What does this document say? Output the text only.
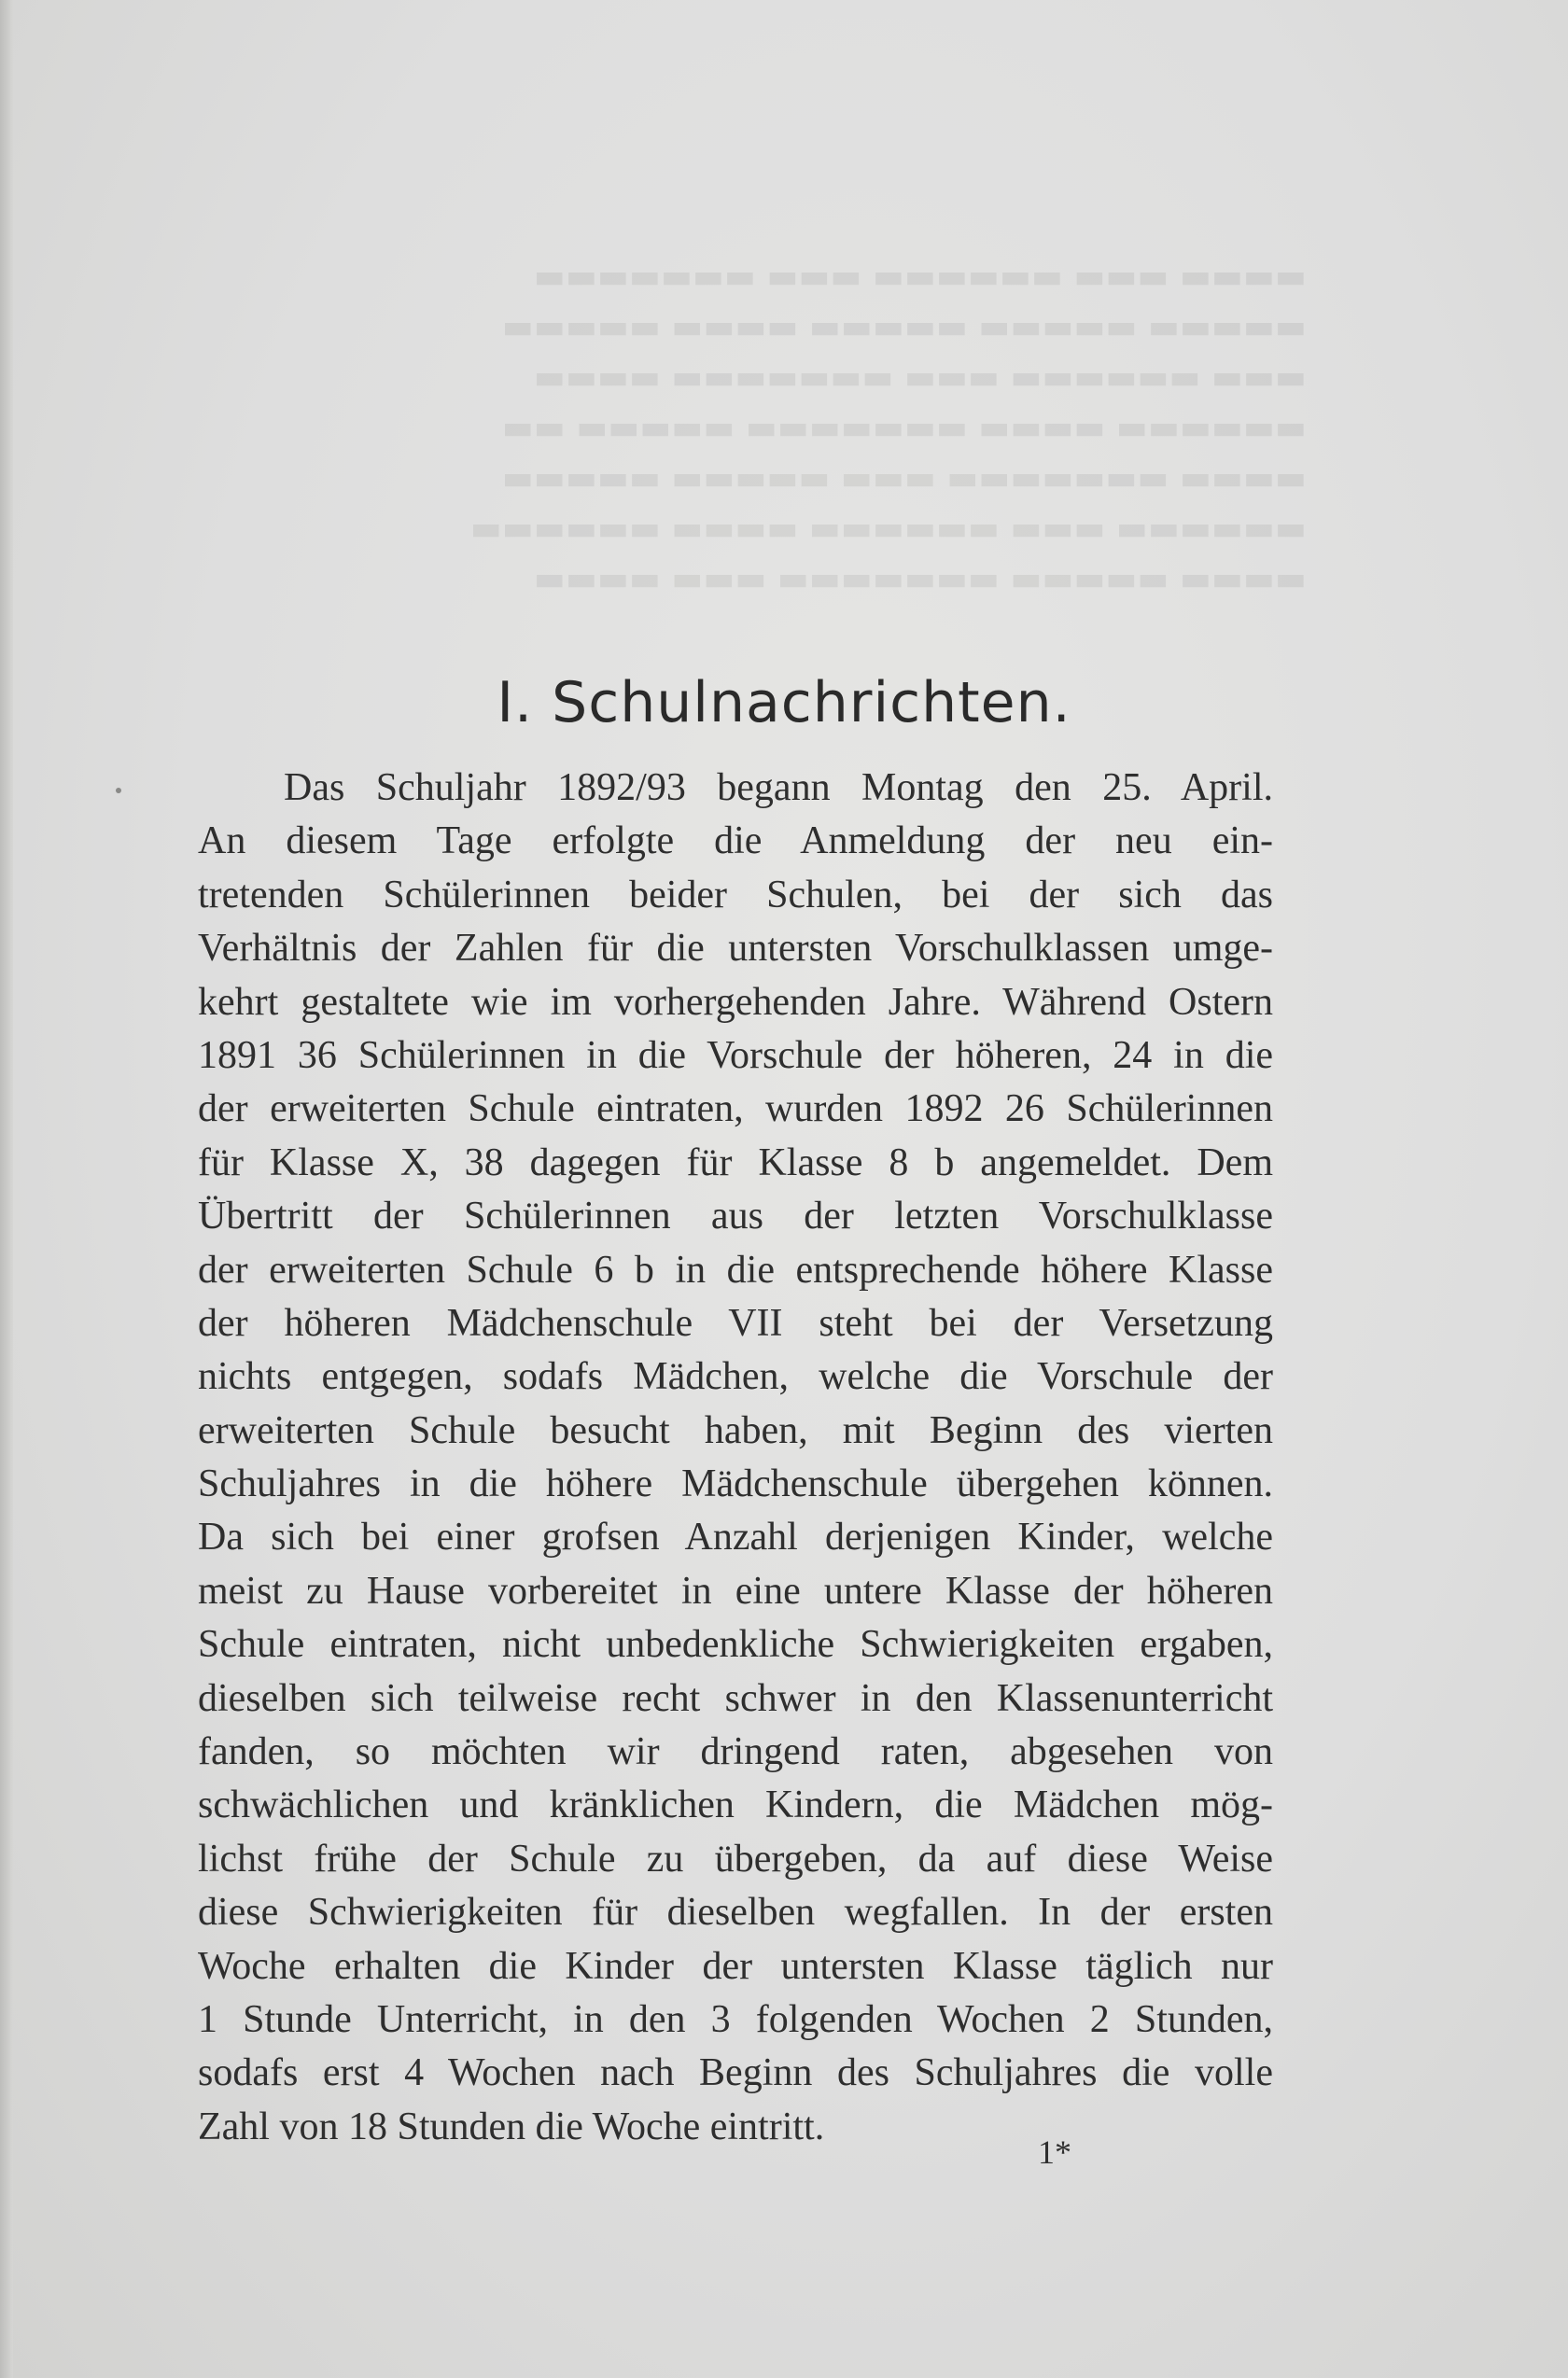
▬▬▬▬ ▬▬▬ ▬▬▬▬▬▬ ▬▬▬ ▬▬▬▬▬▬▬
▬▬▬▬▬ ▬▬▬▬▬ ▬▬▬▬▬ ▬▬▬▬ ▬▬▬▬▬
▬▬▬ ▬▬▬▬▬▬ ▬▬▬ ▬▬▬▬▬▬▬ ▬▬▬▬
▬▬▬▬▬▬ ▬▬▬▬ ▬▬▬▬▬▬▬ ▬▬▬▬▬ ▬▬
▬▬▬▬ ▬▬▬▬▬▬▬ ▬▬▬ ▬▬▬▬▬ ▬▬▬▬▬
▬▬▬▬▬▬ ▬▬▬ ▬▬▬▬▬▬ ▬▬▬▬ ▬▬▬▬▬▬
▬▬▬▬ ▬▬▬▬▬ ▬▬▬▬▬▬▬ ▬▬▬ ▬▬▬▬
I. Schulnachrichten.
Das Schuljahr 1892/93 begann Montag den 25. April.
An diesem Tage erfolgte die Anmeldung der neu ein-
tretenden Schülerinnen beider Schulen, bei der sich das
Verhältnis der Zahlen für die untersten Vorschulklassen umge-
kehrt gestaltete wie im vorhergehenden Jahre. Während Ostern
1891 36 Schülerinnen in die Vorschule der höheren, 24 in die
der erweiterten Schule eintraten, wurden 1892 26 Schülerinnen
für Klasse X, 38 dagegen für Klasse 8 b angemeldet. Dem
Übertritt der Schülerinnen aus der letzten Vorschulklasse
der erweiterten Schule 6 b in die entsprechende höhere Klasse
der höheren Mädchenschule VII steht bei der Versetzung
nichts entgegen, sodafs Mädchen, welche die Vorschule der
erweiterten Schule besucht haben, mit Beginn des vierten
Schuljahres in die höhere Mädchenschule übergehen können.
Da sich bei einer grofsen Anzahl derjenigen Kinder, welche
meist zu Hause vorbereitet in eine untere Klasse der höheren
Schule eintraten, nicht unbedenkliche Schwierigkeiten ergaben,
dieselben sich teilweise recht schwer in den Klassenunterricht
fanden, so möchten wir dringend raten, abgesehen von
schwächlichen und kränklichen Kindern, die Mädchen mög-
lichst frühe der Schule zu übergeben, da auf diese Weise
diese Schwierigkeiten für dieselben wegfallen. In der ersten
Woche erhalten die Kinder der untersten Klasse täglich nur
1 Stunde Unterricht, in den 3 folgenden Wochen 2 Stunden,
sodafs erst 4 Wochen nach Beginn des Schuljahres die volle
Zahl von 18 Stunden die Woche eintritt.
1*
